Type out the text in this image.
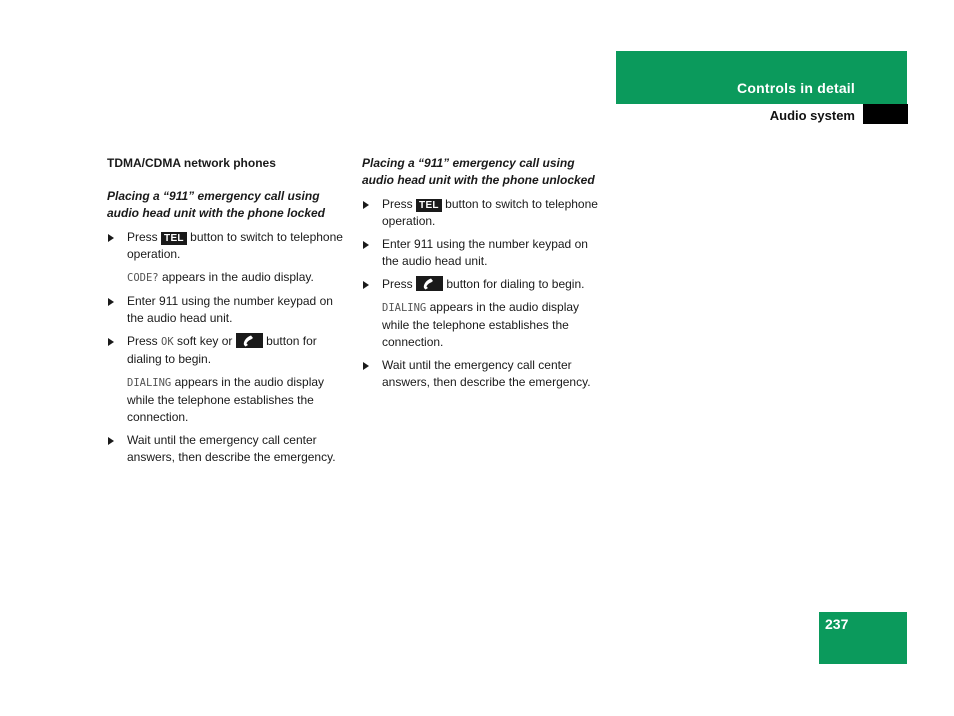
Controls in detail
Audio system

TDMA/CDMA network phones

Placing a “911” emergency call using audio head unit with the phone locked

Press TEL button to switch to telephone operation.
CODE? appears in the audio display.
Enter 911 using the number keypad on the audio head unit.
Press OK soft key or	button for dialing to begin.
DIALING appears in the audio display while the telephone establishes the connection.
Wait until the emergency call center answers, then describe the emergency.

Placing a “911” emergency call using audio head unit with the phone unlocked

Press TEL button to switch to telephone operation.
Enter 911 using the number keypad on the audio head unit.
Press	button for dialing to begin.
DIALING appears in the audio display while the telephone establishes the connection.
Wait until the emergency call center answers, then describe the emergency.
237
